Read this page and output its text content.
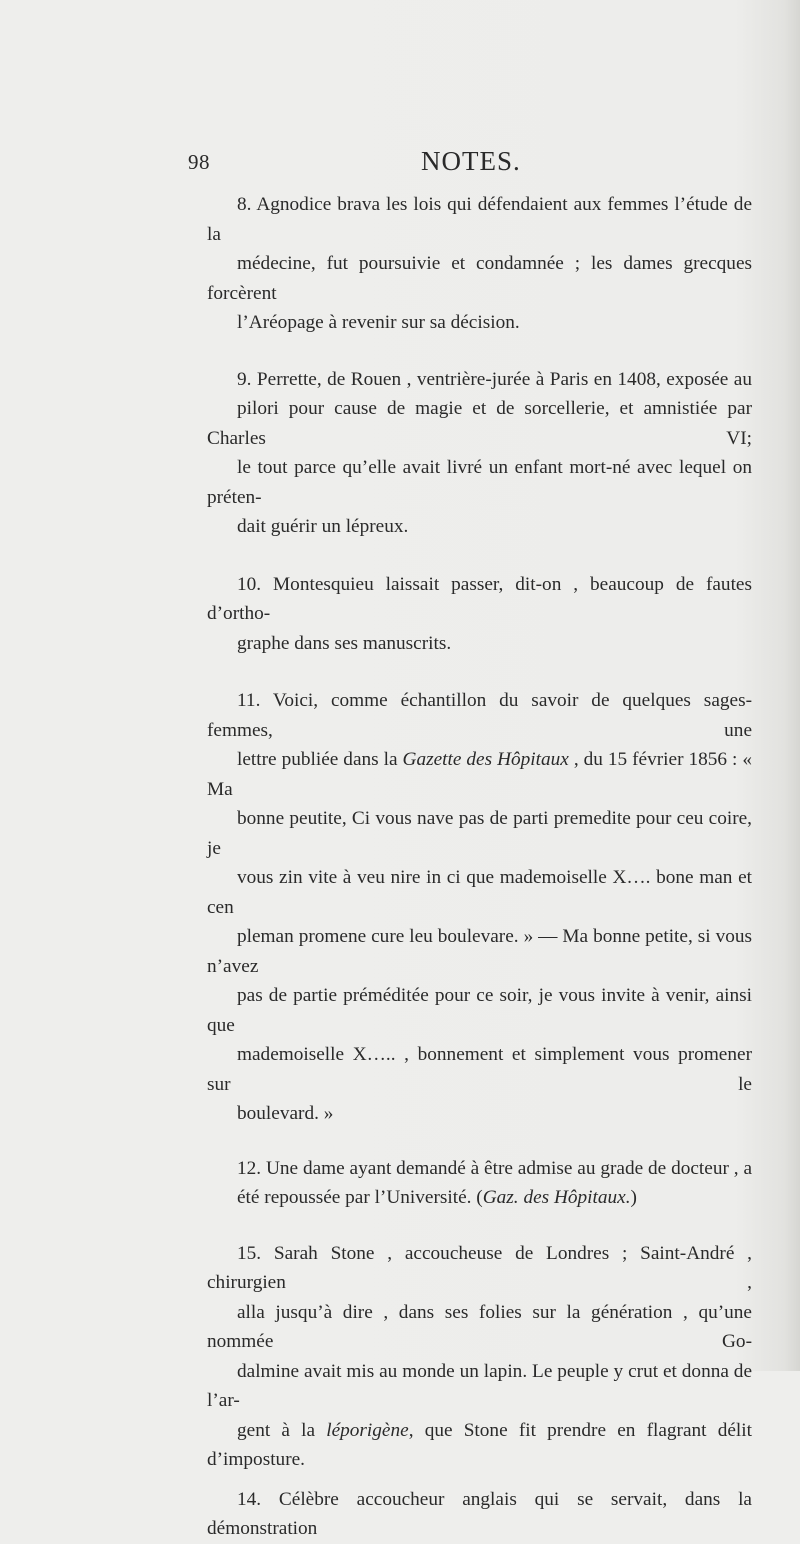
98	NOTES.

8. Agnodice brava les lois qui défendaient aux femmes l’étude de la
médecine, fut poursuivie et condamnée ; les dames grecques forcèrent
l’Aréopage à revenir sur sa décision.

9. Perrette, de Rouen , ventrière-jurée à Paris en 1408, exposée au
pilori pour cause de magie et de sorcellerie, et amnistiée par Charles VI;
le tout parce qu’elle avait livré un enfant mort-né avec lequel on préten-
dait guérir un lépreux.

10. Montesquieu laissait passer, dit-on , beaucoup de fautes d’ortho-
graphe dans ses manuscrits.

11. Voici, comme échantillon du savoir de quelques sages-femmes, une
lettre publiée dans la Gazette des Hôpitaux , du 15 février 1856 : « Ma
bonne peutite, Ci vous nave pas de parti premedite pour ceu coire, je
vous zin vite à veu nire in ci que mademoiselle X…. bone man et cen
pleman promene cure leu boulevare. » — Ma bonne petite, si vous n’avez
pas de partie préméditée pour ce soir, je vous invite à venir, ainsi que
mademoiselle X….. , bonnement et simplement vous promener sur le
boulevard. »

12. Une dame ayant demandé à être admise au grade de docteur , a
été repoussée par l’Université. (Gaz. des Hôpitaux.)

15. Sarah Stone , accoucheuse de Londres ; Saint-André , chirurgien ,
alla jusqu’à dire , dans ses folies sur la génération , qu’une nommée Go-
dalmine avait mis au monde un lapin. Le peuple y crut et donna de l’ar-
gent à la léporigène, que Stone fit prendre en flagrant délit d’imposture.

14. Célèbre accoucheur anglais qui se servait, dans la démonstration
